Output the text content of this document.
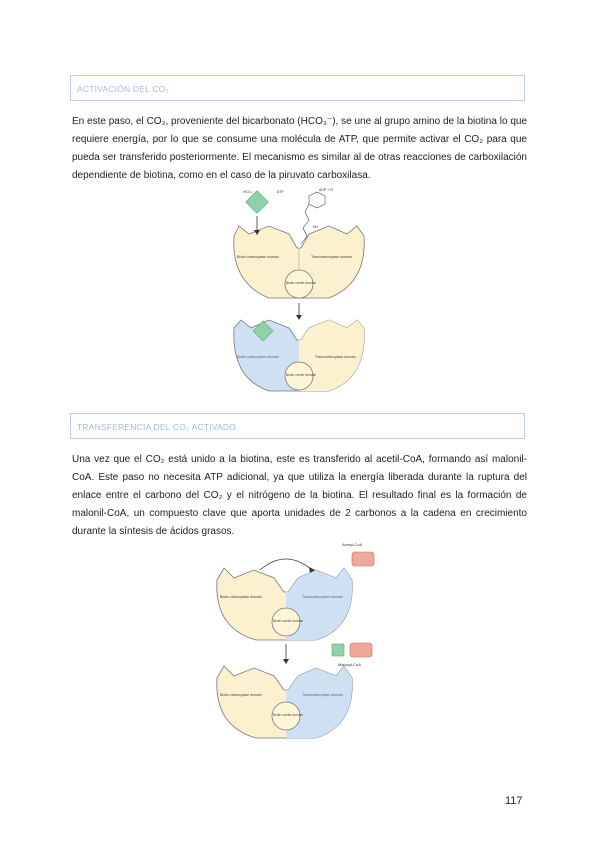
ACTIVACIÓN DEL CO₂
En este paso, el CO₂, proveniente del bicarbonato (HCO₃⁻), se une al grupo amino de la biotina lo que requiere energía, por lo que se consume una molécula de ATP, que permite activar el CO₂ para que pueda ser transferido posteriormente. El mecanismo es similar al de otras reacciones de carboxilación dependiente de biotina, como en el caso de la piruvato carboxilasa.
HCO₃⁻	ATP	ADP + Pi
NH
Biotin carboxylase domain	Transcarboxylase domain
Biotin carrier domain
Biotin carboxylase domain	Transcarboxylase domain
Biotin carrier domain
TRANSFERENCIA DEL CO₂ ACTIVADO
Una vez que el CO₂ está unido a la biotina, este es transferido al acetil-CoA, formando así malonil-CoA. Este paso no necesita ATP adicional, ya que utiliza la energía liberada durante la ruptura del enlace entre el carbono del CO₂ y el nitrógeno de la biotina. El resultado final es la formación de malonil-CoA, un compuesto clave que aporta unidades de 2 carbonos a la cadena en crecimiento durante la síntesis de ácidos grasos.
Acetyl-CoA
Biotin carboxylase domain	Transcarboxylase domain
Biotin carrier domain
Malonyl-CoA
Biotin carboxylase domain	Transcarboxylase domain
Biotin carrier domain
117
